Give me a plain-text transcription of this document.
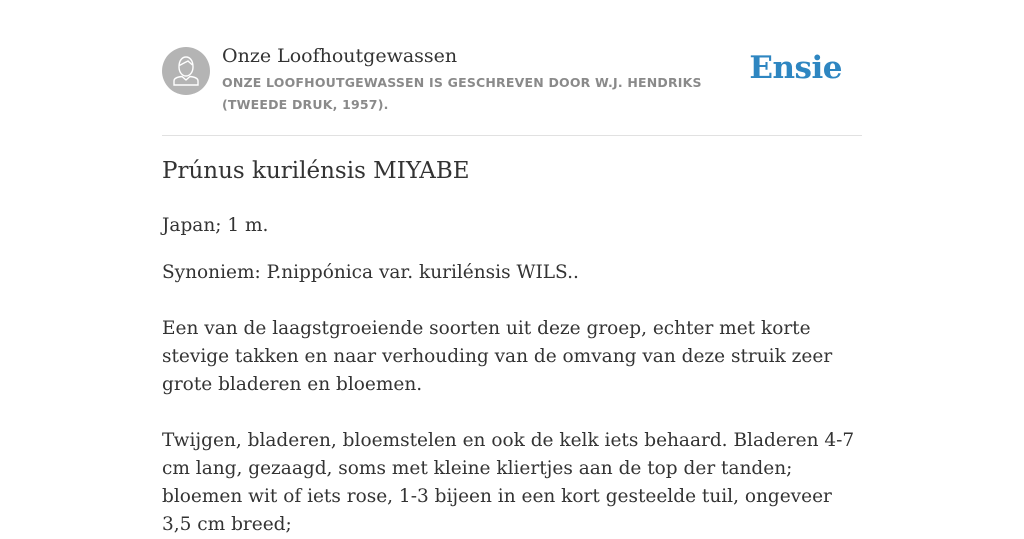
Onze Loofhoutgewassen
ONZE LOOFHOUTGEWASSEN IS GESCHREVEN DOOR W.J. HENDRIKS (TWEEDE DRUK, 1957).
Ensie
Prúnus kurilénsis MIYABE

Japan; 1 m.

Synoniem: P.nippónica var. kurilénsis WILS..

Een van de laagstgroeiende soorten uit deze groep, echter met korte stevige takken en naar verhouding van de omvang van deze struik zeer grote bladeren en bloemen.

Twijgen, bladeren, bloemstelen en ook de kelk iets behaard. Bladeren 4-7 cm lang, gezaagd, soms met kleine kliertjes aan de top der tanden; bloemen wit of iets rose, 1-3 bijeen in een kort gesteelde tuil, ongeveer 3,5 cm breed;
